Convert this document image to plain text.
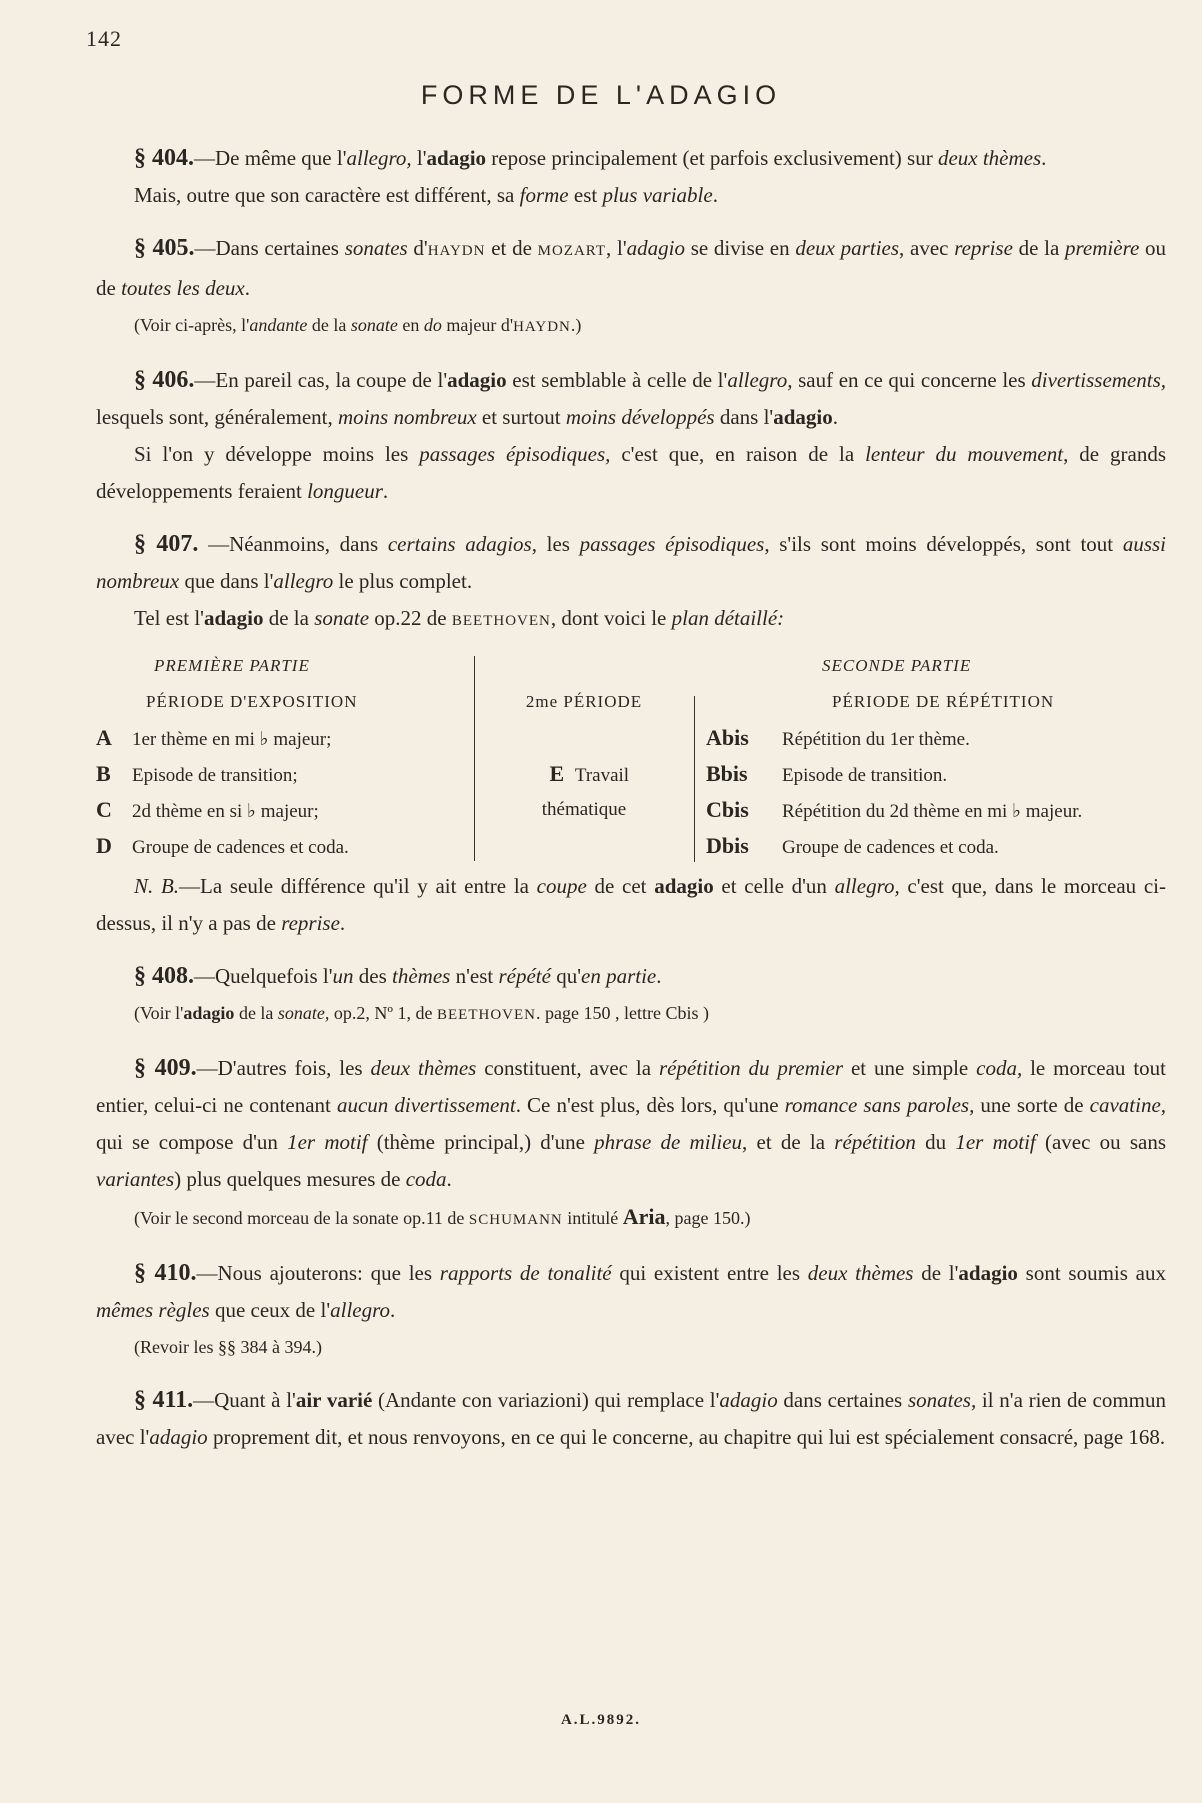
142
FORME DE L'ADAGIO

§ 404.—De même que l'allegro, l'adagio repose principalement (et parfois exclusivement) sur deux thèmes.

Mais, outre que son caractère est différent, sa forme est plus variable.

§ 405.—Dans certaines sonates d'HAYDN et de MOZART, l'adagio se divise en deux parties, avec reprise de la première ou de toutes les deux.

(Voir ci-après, l'andante de la sonate en do majeur d'HAYDN.)

§ 406.—En pareil cas, la coupe de l'adagio est semblable à celle de l'allegro, sauf en ce qui concerne les divertissements, lesquels sont, généralement, moins nombreux et surtout moins développés dans l'adagio.

Si l'on y développe moins les passages épisodiques, c'est que, en raison de la lenteur du mouvement, de grands développements feraient longueur.

§ 407. —Néanmoins, dans certains adagios, les passages épisodiques, s'ils sont moins développés, sont tout aussi nombreux que dans l'allegro le plus complet.

Tel est l'adagio de la sonate op.22 de BEETHOVEN, dont voici le plan détaillé:

PREMIÈRE PARTIE
PÉRIODE D'EXPOSITION
A 1er thème en mi ♭ majeur;
B Episode de transition;
C 2d thème en si ♭ majeur;
D Groupe de cadences et coda.
2me PÉRIODE
E Travail
thématique
SECONDE PARTIE
PÉRIODE DE RÉPÉTITION
Abis Répétition du 1er thème.
Bbis Episode de transition.
Cbis Répétition du 2d thème en mi ♭ majeur.
Dbis Groupe de cadences et coda.

N. B.—La seule différence qu'il y ait entre la coupe de cet adagio et celle d'un allegro, c'est que, dans le morceau ci-dessus, il n'y a pas de reprise.

§ 408.—Quelquefois l'un des thèmes n'est répété qu'en partie.

(Voir l'adagio de la sonate, op.2, Nº 1, de BEETHOVEN. page 150 , lettre Cbis )

§ 409.—D'autres fois, les deux thèmes constituent, avec la répétition du premier et une simple coda, le morceau tout entier, celui-ci ne contenant aucun divertissement. Ce n'est plus, dès lors, qu'une romance sans paroles, une sorte de cavatine, qui se compose d'un 1er motif (thème principal,) d'une phrase de milieu, et de la répétition du 1er motif (avec ou sans variantes) plus quelques mesures de coda.

(Voir le second morceau de la sonate op.11 de SCHUMANN intitulé Aria, page 150.)

§ 410.—Nous ajouterons: que les rapports de tonalité qui existent entre les deux thèmes de l'adagio sont soumis aux mêmes règles que ceux de l'allegro.

(Revoir les §§ 384 à 394.)

§ 411.—Quant à l'air varié (Andante con variazioni) qui remplace l'adagio dans certaines sonates, il n'a rien de commun avec l'adagio proprement dit, et nous renvoyons, en ce qui le concerne, au chapitre qui lui est spécialement consacré, page 168.

A.L.9892.
